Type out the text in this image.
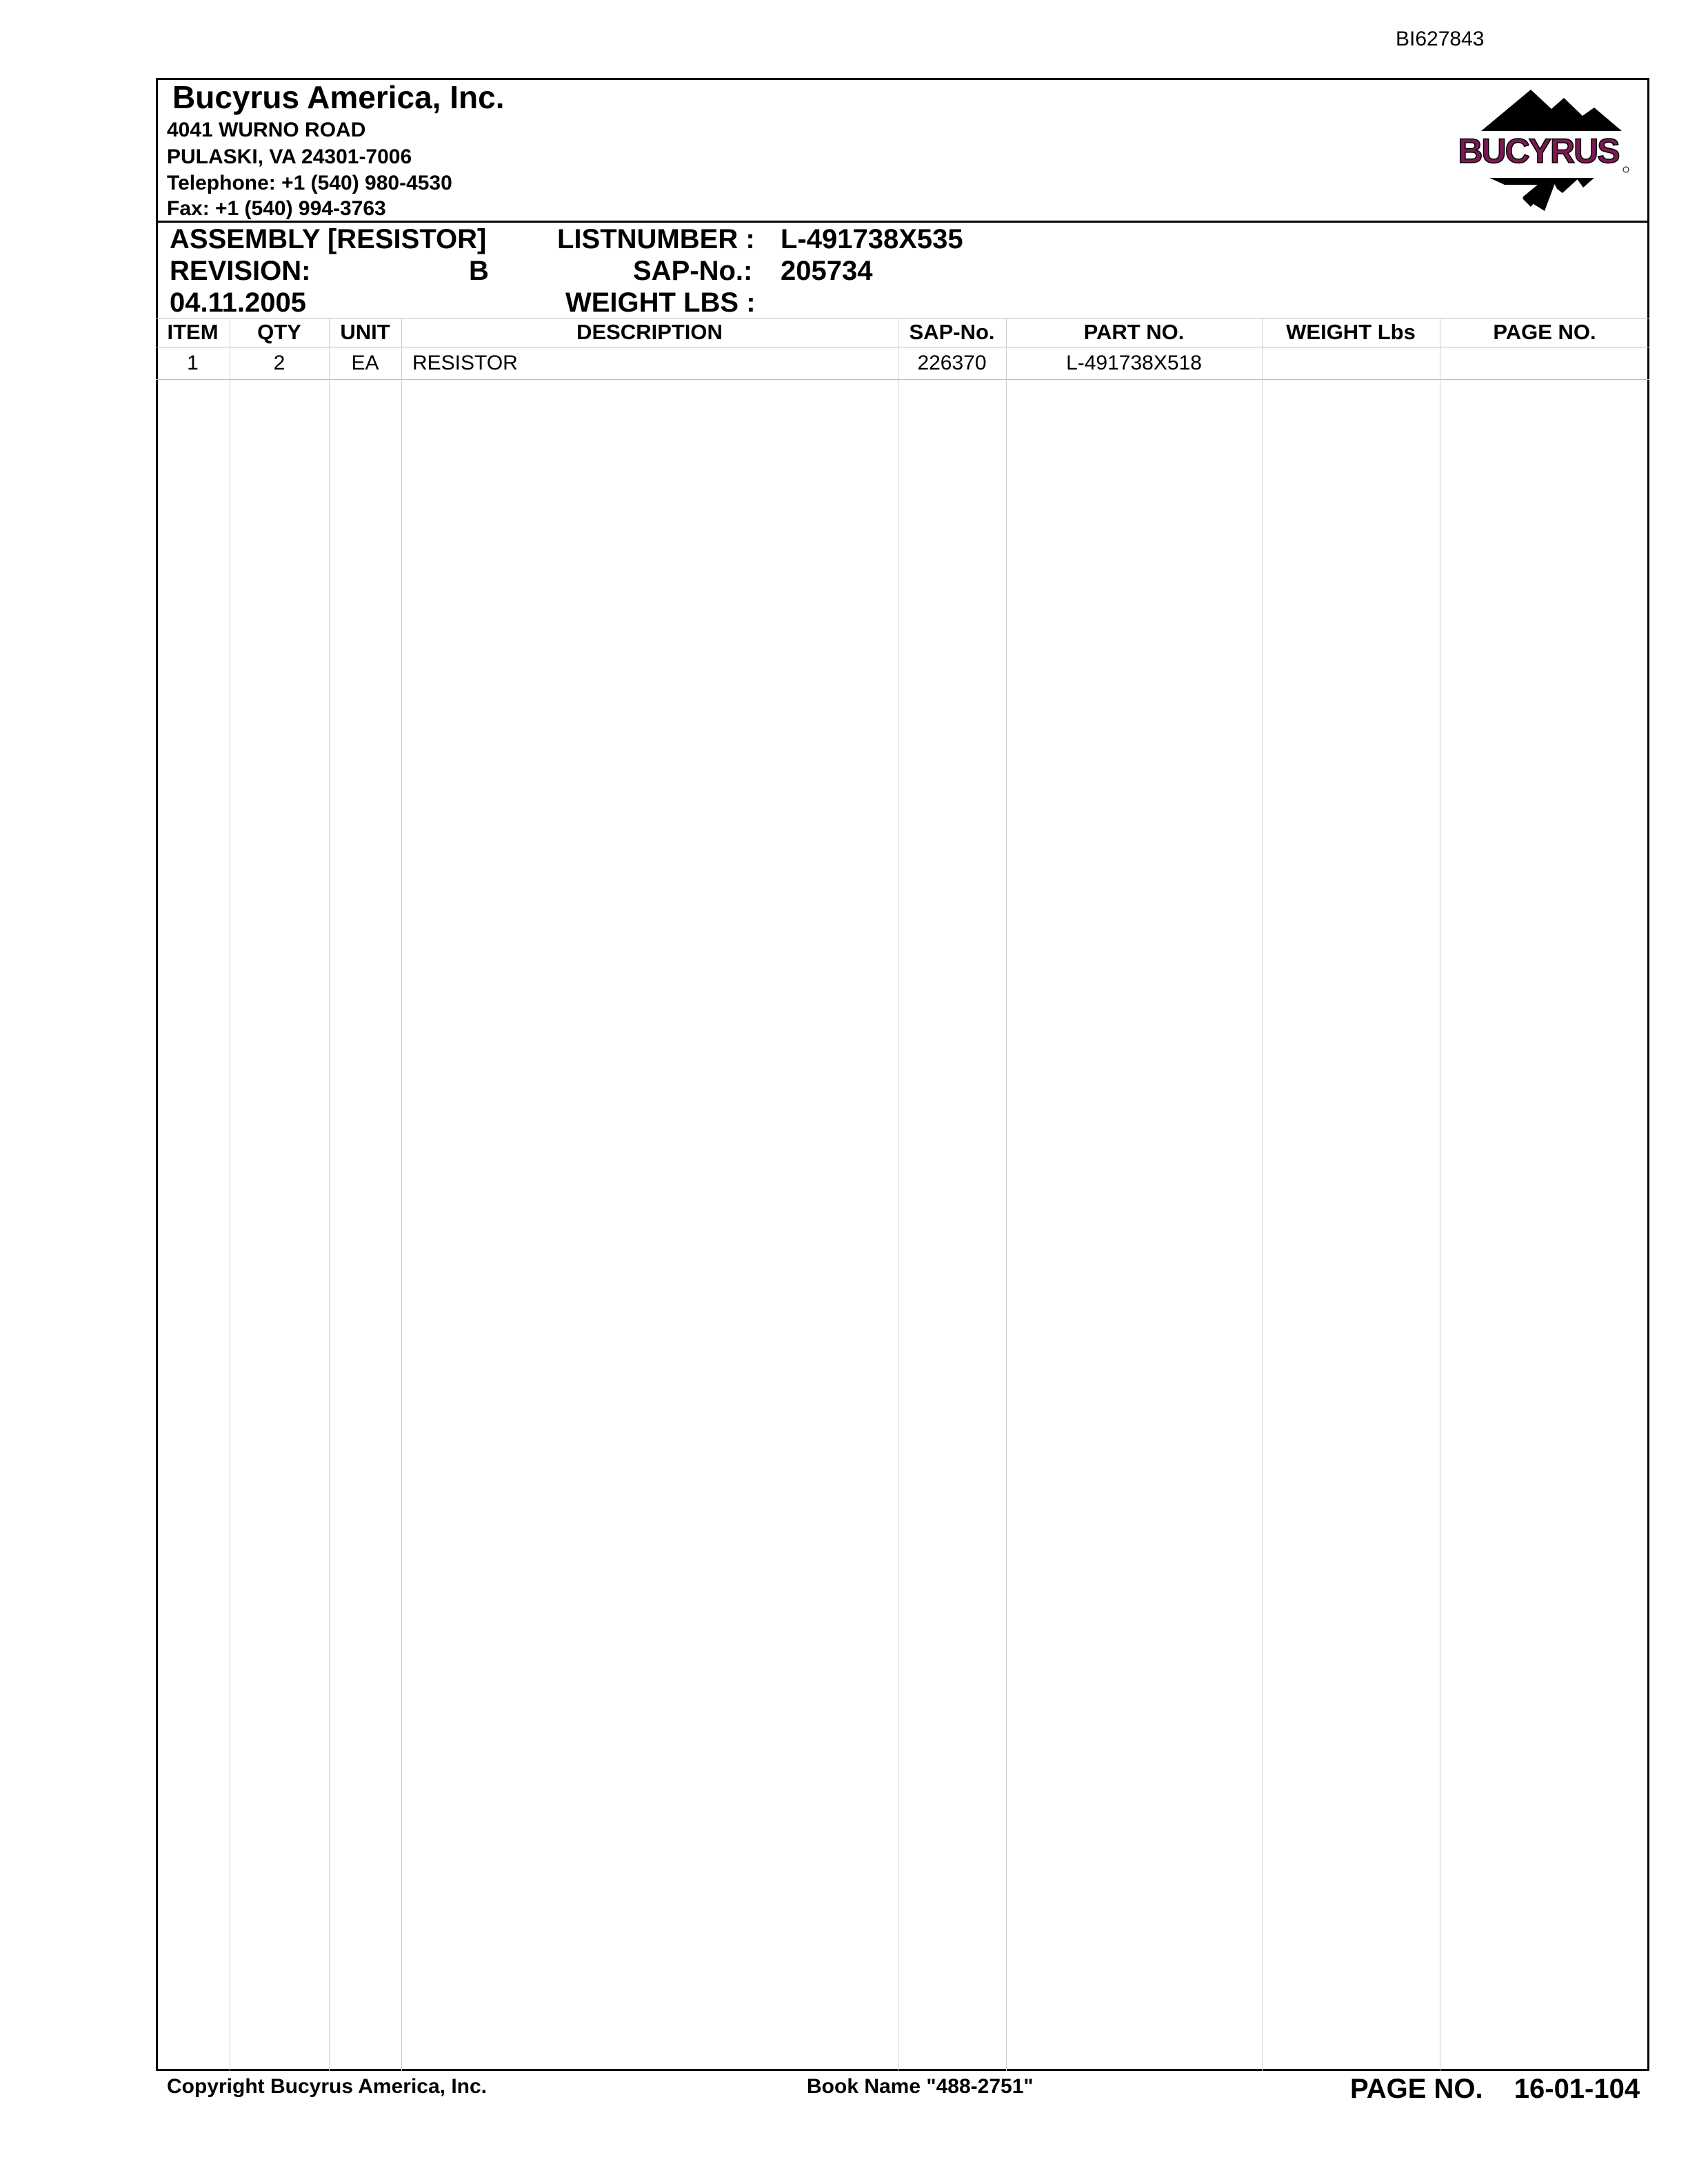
BI627843
Bucyrus America, Inc.
4041 WURNO ROAD
PULASKI, VA 24301-7006
Telephone: +1 (540) 980-4530
Fax: +1 (540) 994-3763
BUCYRUS
ASSEMBLY [RESISTOR]
REVISION:	B
04.11.2005
LISTNUMBER : L-491738X535
SAP-No.: 205734
WEIGHT LBS :
ITEM	QTY	UNIT	DESCRIPTION	SAP-No.	PART NO.	WEIGHT Lbs	PAGE NO.
1	2	EA	RESISTOR	226370	L-491738X518
Copyright Bucyrus America, Inc.	Book Name "488-2751"	PAGE NO. 16-01-104
